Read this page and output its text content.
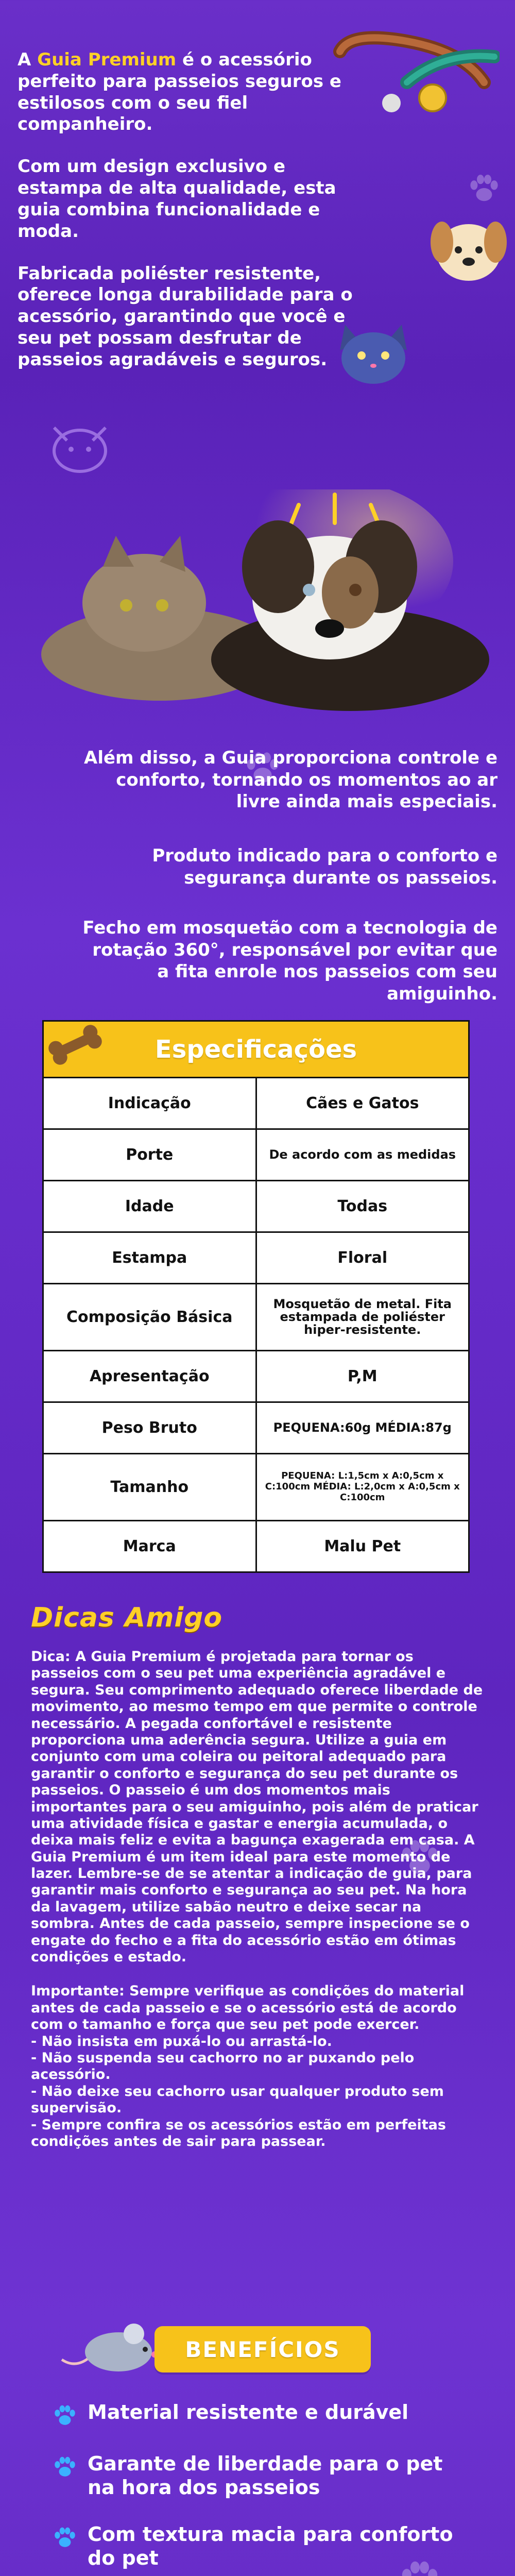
A Guia Premium é o acessório perfeito para passeios seguros e estilosos com o seu fiel companheiro.

Com um design exclusivo e estampa de alta qualidade, esta guia combina funcionalidade e moda.

Fabricada poliéster resistente, oferece longa durabilidade para o acessório, garantindo que você e seu pet possam desfrutar de passeios agradáveis e seguros.

Além disso, a Guia proporciona controle e conforto, tornando os momentos ao ar livre ainda mais especiais.
Produto indicado para o conforto e segurança durante os passeios.
Fecho em mosquetão com a tecnologia de rotação 360°, responsável por evitar que a fita enrole nos passeios com seu amiguinho.
Especificações
Indicação	Cães e Gatos
Porte	De acordo com as medidas
Idade	Todas
Estampa	Floral
Composição Básica	Mosquetão de metal. Fita estampada de poliéster hiper-resistente.
Apresentação	P,M
Peso Bruto	PEQUENA:60g MÉDIA:87g
Tamanho	PEQUENA: L:1,5cm x A:0,5cm x C:100cm MÉDIA: L:2,0cm x A:0,5cm x C:100cm
Marca	Malu Pet
Dicas Amigo

Dica: A Guia Premium é projetada para tornar os passeios com o seu pet uma experiência agradável e segura. Seu comprimento adequado oferece liberdade de movimento, ao mesmo tempo em que permite o controle necessário. A pegada confortável e resistente proporciona uma aderência segura. Utilize a guia em conjunto com uma coleira ou peitoral adequado para garantir o conforto e segurança do seu pet durante os passeios. O passeio é um dos momentos mais importantes para o seu amiguinho, pois além de praticar uma atividade física e gastar e energia acumulada, o deixa mais feliz e evita a bagunça exagerada em casa. A Guia Premium é um item ideal para este momento de lazer. Lembre-se de se atentar a indicação de guia, para garantir mais conforto e segurança ao seu pet. Na hora da lavagem, utilize sabão neutro e deixe secar na sombra. Antes de cada passeio, sempre inspecione se o engate do fecho e a fita do acessório estão em ótimas condições e estado.

Importante: Sempre verifique as condições do material antes de cada passeio e se o acessório está de acordo com o tamanho e força que seu pet pode exercer.
- Não insista em puxá-lo ou arrastá-lo.
- Não suspenda seu cachorro no ar puxando pelo acessório.
- Não deixe seu cachorro usar qualquer produto sem supervisão.
- Sempre confira se os acessórios estão em perfeitas condições antes de sair para passear.

BENEFÍCIOS
Material resistente e durável
Garante de liberdade para o pet na hora dos passeios
Com textura macia para conforto do pet
